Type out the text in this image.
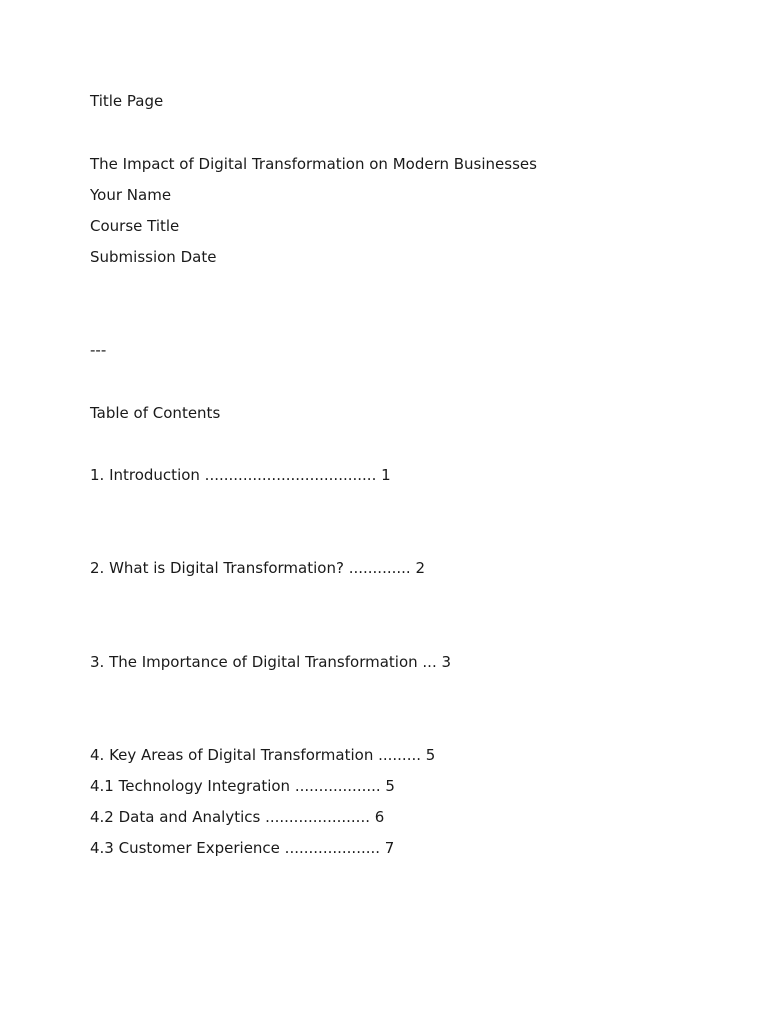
Title Page
The Impact of Digital Transformation on Modern Businesses

Your Name

Course Title

Submission Date

---

Table of Contents

1. Introduction .................................... 1

2. What is Digital Transformation? ............. 2

3. The Importance of Digital Transformation ... 3

4. Key Areas of Digital Transformation ......... 5

4.1 Technology Integration .................. 5

4.2 Data and Analytics ...................... 6

4.3 Customer Experience .................... 7
